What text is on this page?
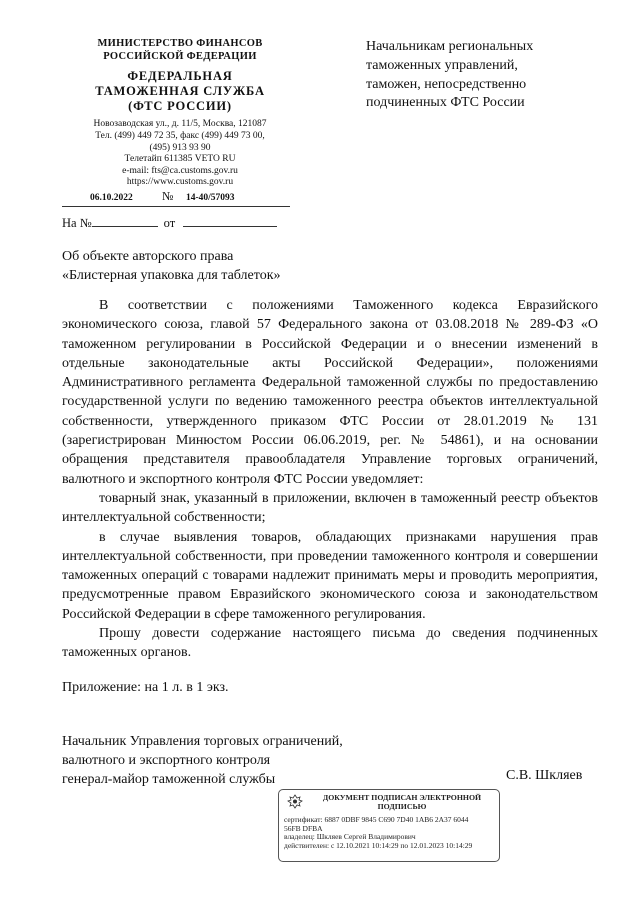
МИНИСТЕРСТВО ФИНАНСОВ
РОССИЙСКОЙ ФЕДЕРАЦИИ
ФЕДЕРАЛЬНАЯ
ТАМОЖЕННАЯ СЛУЖБА
(ФТС РОССИИ)
Новозаводская ул., д. 11/5, Москва, 121087
Тел. (499) 449 72 35, факс (499) 449 73 00,
(495) 913 93 90
Телетайп 611385 VETO RU
e-mail: fts@ca.customs.gov.ru
https://www.customs.gov.ru
06.10.2022 № 14-40/57093
На №	от
Начальникам региональных
таможенных управлений,
таможен, непосредственно
подчиненных ФТС России
Об объекте авторского права
«Блистерная упаковка для таблеток»

В соответствии с положениями Таможенного кодекса Евразийского экономического союза, главой 57 Федерального закона от 03.08.2018 № 289-ФЗ «О таможенном регулировании в Российской Федерации и о внесении изменений в отдельные законодательные акты Российской Федерации», положениями Административного регламента Федеральной таможенной службы по предоставлению государственной услуги по ведению таможенного реестра объектов интеллектуальной собственности, утвержденного приказом ФТС России от 28.01.2019 № 131 (зарегистрирован Минюстом России 06.06.2019, рег. № 54861), и на основании обращения представителя правообладателя Управление торговых ограничений, валютного и экспортного контроля ФТС России уведомляет:

товарный знак, указанный в приложении, включен в таможенный реестр объектов интеллектуальной собственности;

в случае выявления товаров, обладающих признаками нарушения прав интеллектуальной собственности, при проведении таможенного контроля и совершении таможенных операций с товарами надлежит принимать меры и проводить мероприятия, предусмотренные правом Евразийского экономического союза и законодательством Российской Федерации в сфере таможенного регулирования.

Прошу довести содержание настоящего письма до сведения подчиненных таможенных органов.

Приложение: на 1 л. в 1 экз.
Начальник Управления торговых ограничений,
валютного и экспортного контроля
генерал-майор таможенной службы	С.В. Шкляев
ДОКУМЕНТ ПОДПИСАН ЭЛЕКТРОННОЙ
ПОДПИСЬЮ
сертификат: 6887 0DBF 9845 C690 7D40 1AB6 2A37 6044
56FB DFBA
владелец: Шкляев Сергей Владимирович
действителен: с 12.10.2021 10:14:29 по 12.01.2023 10:14:29
